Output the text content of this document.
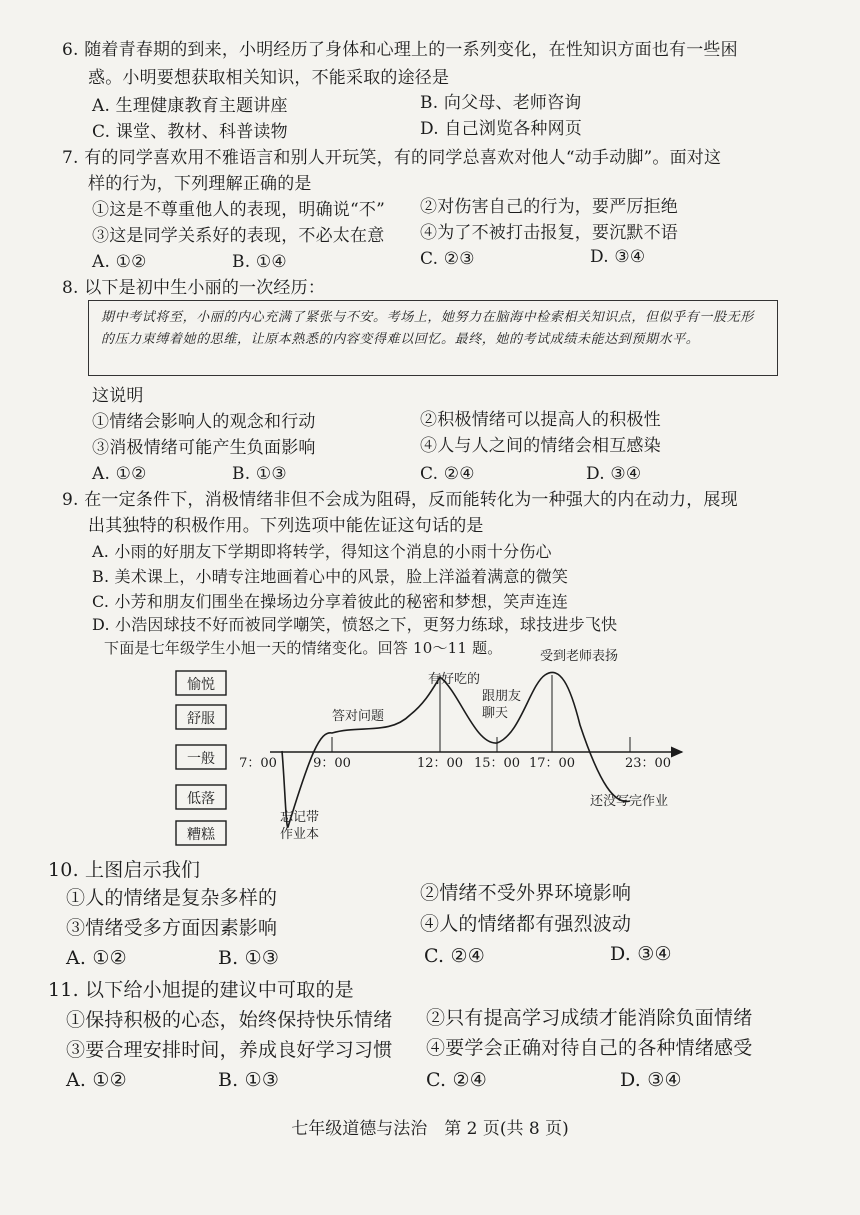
6. 随着青春期的到来，小明经历了身体和心理上的一系列变化，在性知识方面也有一些困
惑。小明要想获取相关知识，不能采取的途径是
A. 生理健康教育主题讲座	B. 向父母、老师咨询
C. 课堂、教材、科普读物	D. 自己浏览各种网页
7. 有的同学喜欢用不雅语言和别人开玩笑，有的同学总喜欢对他人“动手动脚”。面对这
样的行为，下列理解正确的是
①这是不尊重他人的表现，明确说“不” ②对伤害自己的行为，要严厉拒绝
③这是同学关系好的表现，不必太在意 ④为了不被打击报复，要沉默不语
A. ①②	B. ①④	C. ②③	D. ③④
8. 以下是初中生小丽的一次经历：
期中考试将至，小丽的内心充满了紧张与不安。考场上，她努力在脑海中检索相关知识点，但似乎有一股无形的压力束缚着她的思维，让原本熟悉的内容变得难以回忆。最终，她的考试成绩未能达到预期水平。
这说明
①情绪会影响人的观念和行动	②积极情绪可以提高人的积极性
③消极情绪可能产生负面影响	④人与人之间的情绪会相互感染
A. ①②	B. ①③	C. ②④	D. ③④
9. 在一定条件下，消极情绪非但不会成为阻碍，反而能转化为一种强大的内在动力，展现
出其独特的积极作用。下列选项中能佐证这句话的是
A. 小雨的好朋友下学期即将转学，得知这个消息的小雨十分伤心
B. 美术课上，小晴专注地画着心中的风景，脸上洋溢着满意的微笑
C. 小芳和朋友们围坐在操场边分享着彼此的秘密和梦想，笑声连连
D. 小浩因球技不好而被同学嘲笑，愤怒之下，更努力练球，球技进步飞快
下面是七年级学生小旭一天的情绪变化。回答 10～11 题。
愉悦
舒服
一般
低落
糟糕
7：00	9：00	12：00 15：00 17：00	23：00
忘记带
作业本
答对问题
有好吃的
跟朋友
聊天
受到老师表扬
还没写完作业
10. 上图启示我们
①人的情绪是复杂多样的	②情绪不受外界环境影响
③情绪受多方面因素影响	④人的情绪都有强烈波动
A. ①②	B. ①③	C. ②④	D. ③④
11. 以下给小旭提的建议中可取的是
①保持积极的心态，始终保持快乐情绪 ②只有提高学习成绩才能消除负面情绪
③要合理安排时间，养成良好学习习惯 ④要学会正确对待自己的各种情绪感受
A. ①②	B. ①③	C. ②④	D. ③④
七年级道德与法治　第 2 页(共 8 页)
